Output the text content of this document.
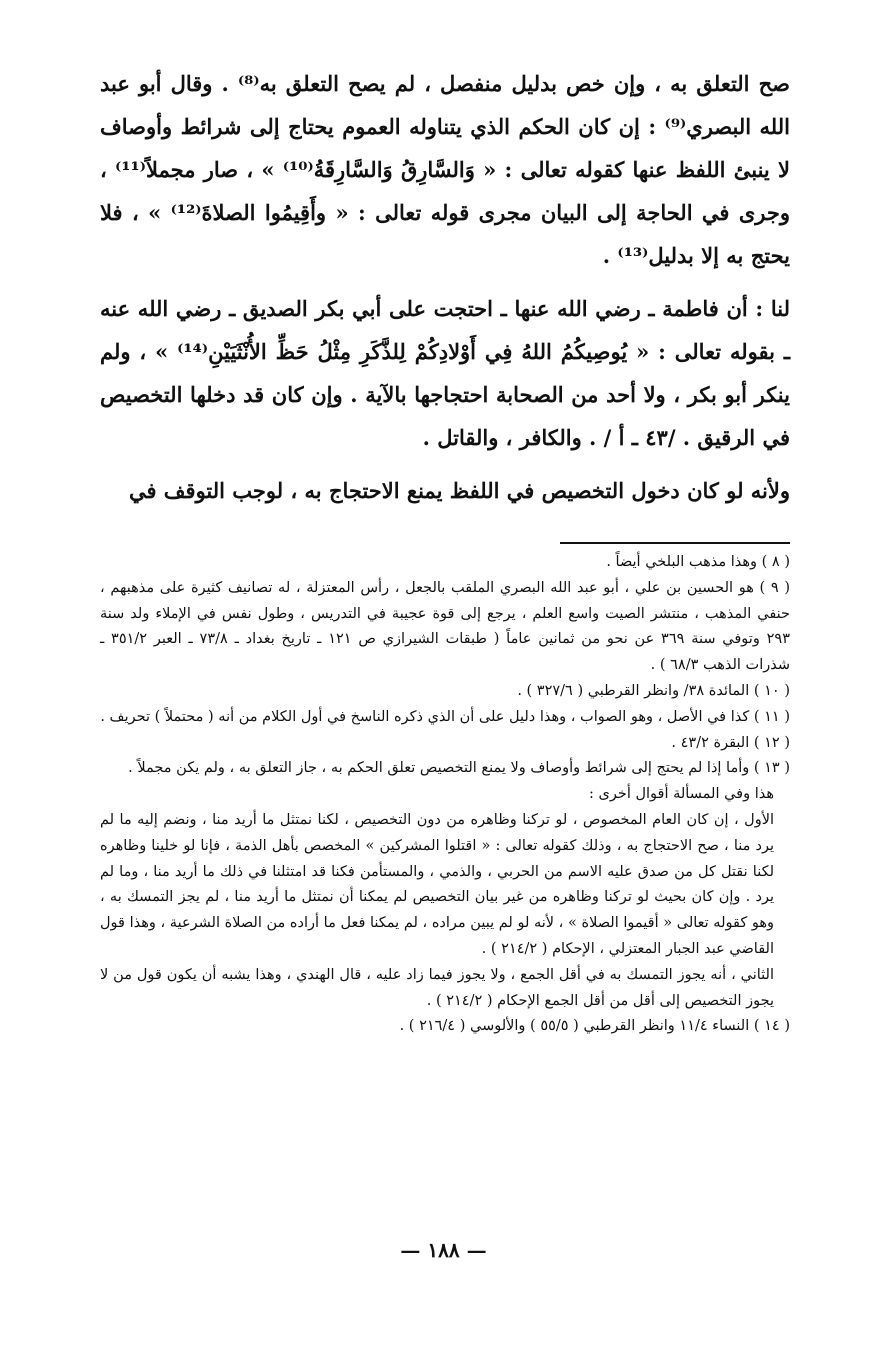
صح التعلق به ، وإن خص بدليل منفصل ، لم يصح التعلق به⁽⁸⁾ . وقال أبو عبد الله البصري⁽⁹⁾ : إن كان الحكم الذي يتناوله العموم يحتاج إلى شرائط وأوصاف لا ينبئ اللفظ عنها كقوله تعالى : « وَالسَّارِقُ وَالسَّارِقَةُ⁽¹⁰⁾ » ، صار مجملاً⁽¹¹⁾ ، وجرى في الحاجة إلى البيان مجرى قوله تعالى : « وأَقِيمُوا الصلاةَ⁽¹²⁾ » ، فلا يحتج به إلا بدليل⁽¹³⁾ .

لنا : أن فاطمة ـ رضي الله عنها ـ احتجت على أبي بكر الصديق ـ رضي الله عنه ـ بقوله تعالى : « يُوصِيكُمُ اللهُ فِي أَوْلادِكُمْ لِلذَّكَرِ مِثْلُ حَظِّ الأُنْثَيَيْنِ⁽¹⁴⁾ » ، ولم ينكر أبو بكر ، ولا أحد من الصحابة احتجاجها بالآية . وإن كان قد دخلها التخصيص في الرقيق . /٤٣ ـ أ / . والكافر ، والقاتل .

ولأنه لو كان دخول التخصيص في اللفظ يمنع الاحتجاج به ، لوجب التوقف في

( ٨ ) وهذا مذهب البلخي أيضاً .

( ٩ ) هو الحسين بن علي ، أبو عبد الله البصري الملقب بالجعل ، رأس المعتزلة ، له تصانيف كثيرة على مذهبهم ، حنفي المذهب ، منتشر الصيت واسع العلم ، يرجع إلى قوة عجيبة في التدريس ، وطول نفس في الإملاء ولد سنة ٢٩٣ وتوفي سنة ٣٦٩ عن نحو من ثمانين عاماً ( طبقات الشيرازي ص ١٢١ ـ تاريخ بغداد ـ ٧٣/٨ ـ العبر ٣٥١/٢ ـ شذرات الذهب ٦٨/٣ ) .

( ١٠ ) المائدة ٣٨/ وانظر القرطبي ( ٣٢٧/٦ ) .

( ١١ ) كذا في الأصل ، وهو الصواب ، وهذا دليل على أن الذي ذكره الناسخ في أول الكلام من أنه ( محتملاً ) تحريف .

( ١٢ ) البقرة ٤٣/٢ .

( ١٣ ) وأما إذا لم يحتج إلى شرائط وأوصاف ولا يمنع التخصيص تعلق الحكم به ، جاز التعلق به ، ولم يكن مجملاً .

هذا وفي المسألة أقوال أخرى :

الأول ، إن كان العام المخصوص ، لو تركنا وظاهره من دون التخصيص ، لكنا نمتثل ما أريد منا ، ونضم إليه ما لم يرد منا ، صح الاحتجاج به ، وذلك كقوله تعالى : « اقتلوا المشركين » المخصص بأهل الذمة ، فإنا لو خلينا وظاهره لكنا نقتل كل من صدق عليه الاسم من الحربي ، والذمي ، والمستأمن فكنا قد امتثلنا في ذلك ما أريد منا ، وما لم يرد . وإن كان بحيث لو تركنا وظاهره من غير بيان التخصيص لم يمكنا أن نمتثل ما أريد منا ، لم يجز التمسك به ، وهو كقوله تعالى « أقيموا الصلاة » ، لأنه لو لم يبين مراده ، لم يمكنا فعل ما أراده من الصلاة الشرعية ، وهذا قول القاضي عبد الجبار المعتزلي ، الإحكام ( ٢١٤/٢ ) .

الثاني ، أنه يجوز التمسك به في أقل الجمع ، ولا يجوز فيما زاد عليه ، قال الهندي ، وهذا يشبه أن يكون قول من لا يجوز التخصيص إلى أقل من أقل الجمع الإحكام ( ٢١٤/٢ ) .

( ١٤ ) النساء ١١/٤ وانظر القرطبي ( ٥٥/٥ ) والألوسي ( ٢١٦/٤ ) .

— ١٨٨ —
